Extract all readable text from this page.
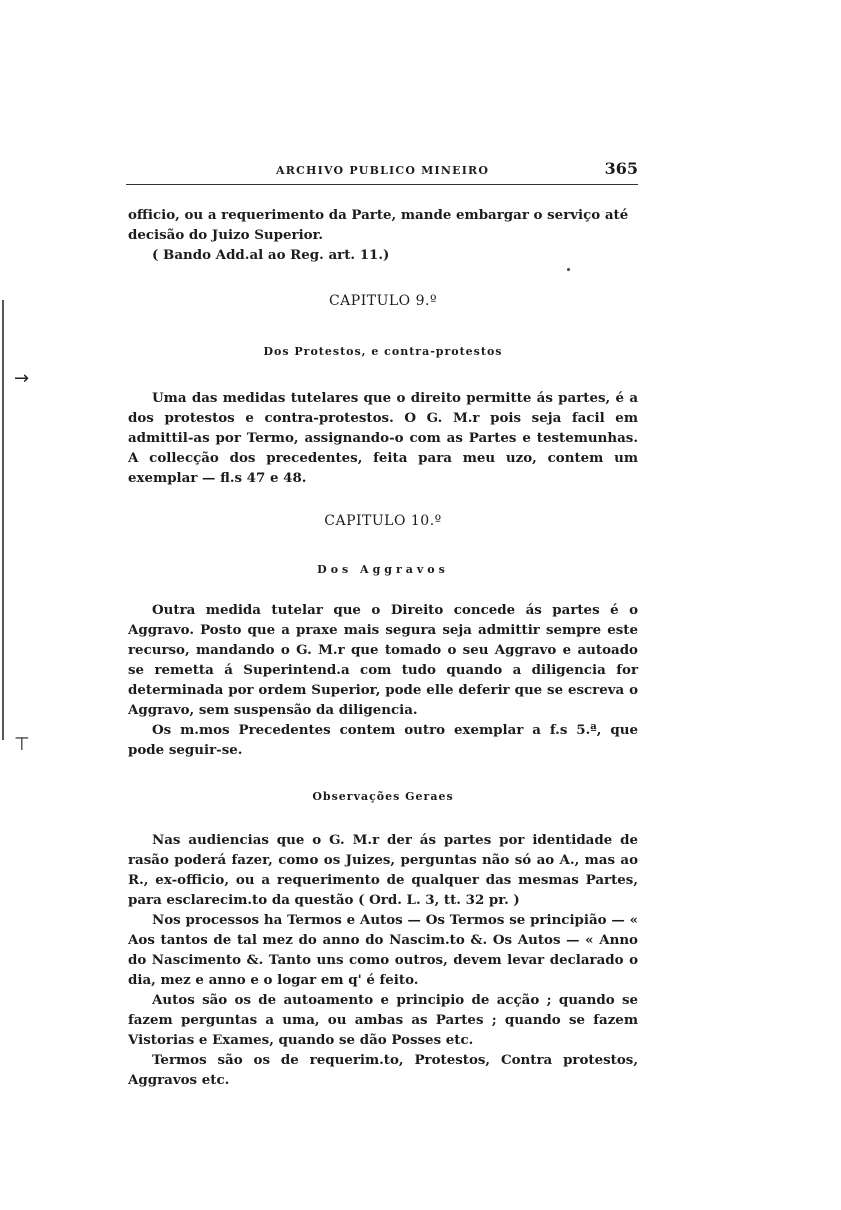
→
⊤
ARCHIVO PUBLICO MINEIRO	365

officio, ou a requerimento da Parte, mande embargar o serviço até

decisão do Juizo Superior.

( Bando Add.al ao Reg. art. 11.)

CAPITULO 9.º
Dos Protestos, e contra-protestos

Uma das medidas tutelares que o direito permitte ás partes, é a dos protestos e contra-protestos. O G. M.r pois seja facil em admittil-as por Termo, assignando-o com as Partes e testemunhas. A collecção dos precedentes, feita para meu uzo, contem um exemplar — fl.s 47 e 48.

CAPITULO 10.º
Dos Aggravos

Outra medida tutelar que o Direito concede ás partes é o Aggravo. Posto que a praxe mais segura seja admittir sempre este recurso, mandando o G. M.r que tomado o seu Aggravo e autoado se remetta á Superintend.a com tudo quando a diligencia for determinada por ordem Superior, pode elle deferir que se escreva o Aggravo, sem suspensão da diligencia.

Os m.mos Precedentes contem outro exemplar a f.s 5.ª, que pode seguir-se.

Observações Geraes

Nas audiencias que o G. M.r der ás partes por identidade de rasão poderá fazer, como os Juizes, perguntas não só ao A., mas ao R., ex-officio, ou a requerimento de qualquer das mesmas Partes, para esclarecim.to da questão ( Ord. L. 3, tt. 32 pr. )

Nos processos ha Termos e Autos — Os Termos se principião — « Aos tantos de tal mez do anno do Nascim.to &. Os Autos — « Anno do Nascimento &. Tanto uns como outros, devem levar declarado o dia, mez e anno e o logar em q' é feito.

Autos são os de autoamento e principio de acção ; quando se fazem perguntas a uma, ou ambas as Partes ; quando se fazem Vistorias e Exames, quando se dão Posses etc.

Termos são os de requerim.to, Protestos, Contra protestos, Aggravos etc.
